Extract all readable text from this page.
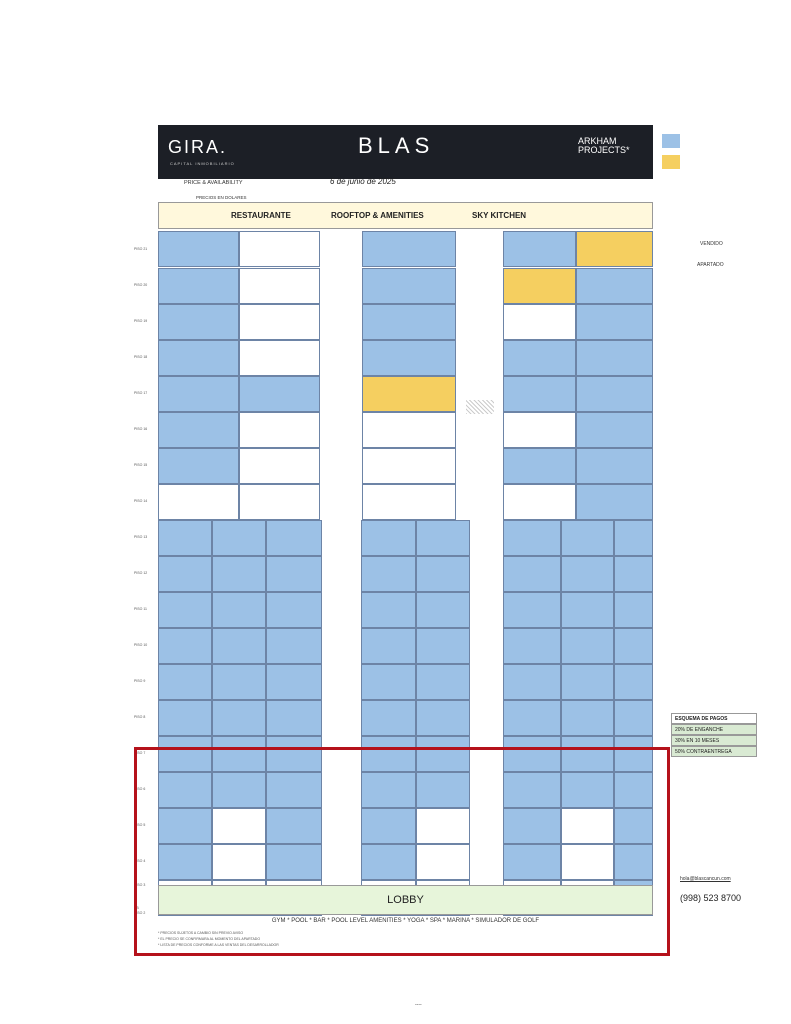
GIRA.
CAPITAL INMOBILIARIO
BLAS	ARKHAM
PROJECTS*
PRICE & AVAILABILITY
PRECIOS EN DOLARES
6 de junio de 2025
VENDIDO
APARTADO
RESTAURANTE	ROOFTOP & AMENITIES	SKY KITCHEN
PISO 21
PISO 20
PISO 19
PISO 18
PISO 17
PISO 16
PISO 15
PISO 14
PISO 13
PISO 12
PISO 11
PISO 10
PISO 9
PISO 8
PISO 7
PISO 6
PISO 5
PISO 4
PISO 3
PISO 2
PB
LOBBY
GYM * POOL * BAR * POOL LEVEL AMENITIES * YOGA * SPA * MARINA * SIMULADOR DE GOLF
* PRECIOS SUJETOS A CAMBIO SIN PREVIO AVISO
* EL PRECIO SE CONFIRMARA AL MOMENTO DEL APARTADO
* LISTA DE PRECIOS CONFORME A LAS VENTAS DEL DESARROLLADOR
ESQUEMA DE PAGOS
20% DE ENGANCHE
30% EN 10 MESES
50% CONTRAENTREGA
hola@blascancun.com
(998) 523 8700
----
